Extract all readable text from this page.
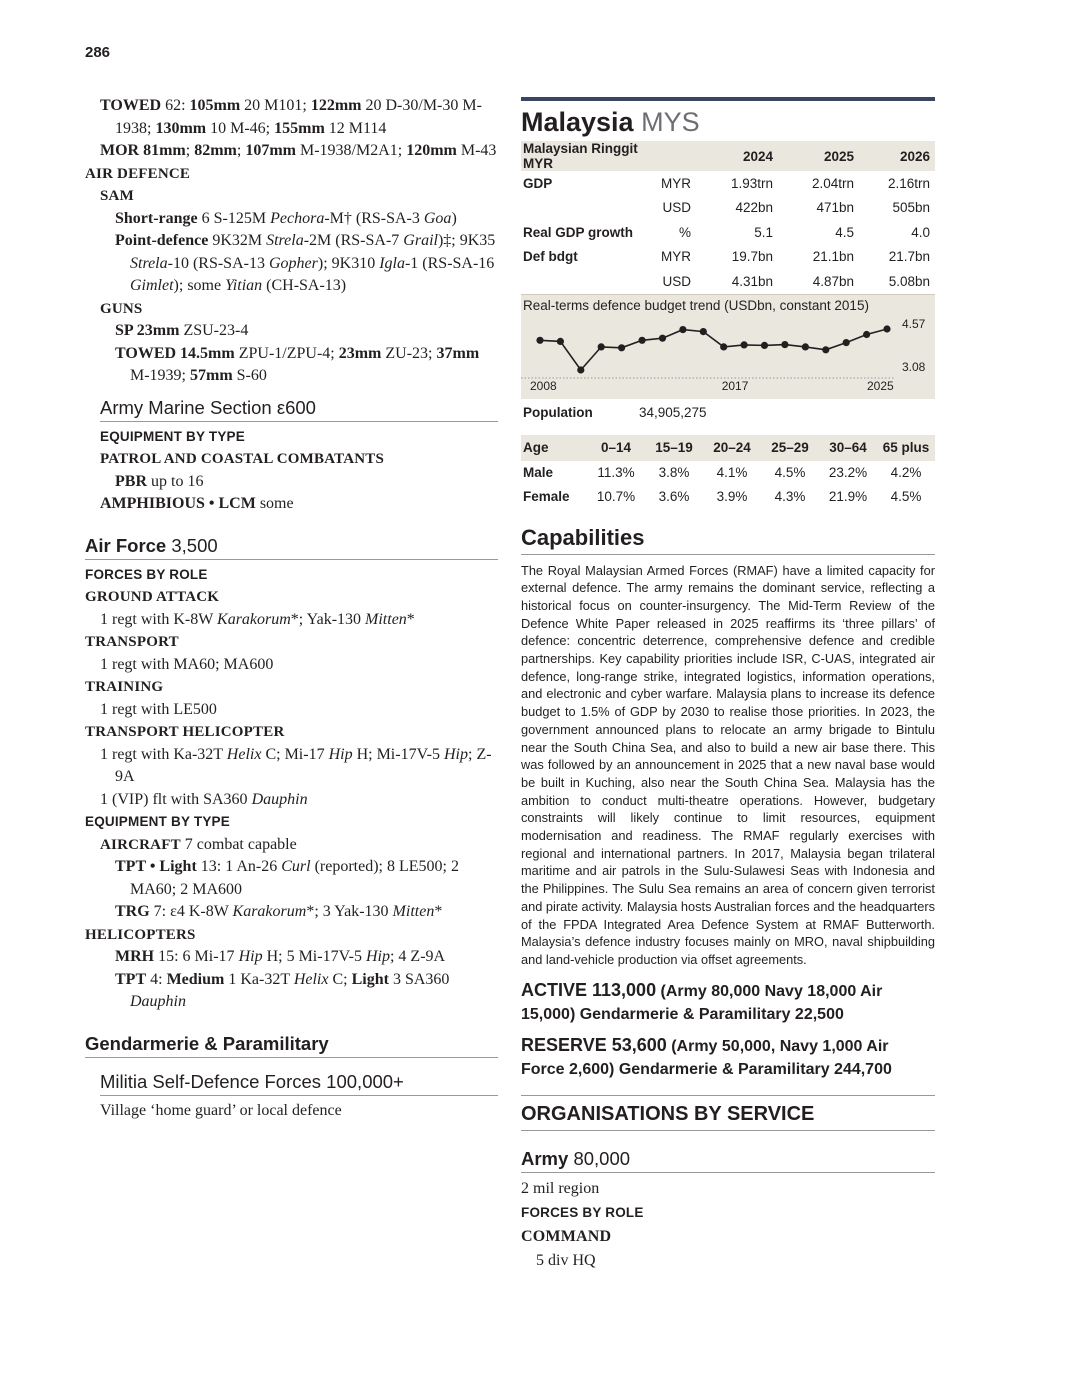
286
TOWED 62: 105mm 20 M101; 122mm 20 D-30/M-30 M-1938; 130mm 10 M-46; 155mm 12 M114
MOR 81mm; 82mm; 107mm M-1938/M2A1; 120mm M-43
AIR DEFENCE
SAM
Short-range 6 S-125M Pechora-M† (RS-SA-3 Goa)
Point-defence 9K32M Strela-2M (RS-SA-7 Grail)‡; 9K35 Strela-10 (RS-SA-13 Gopher); 9K310 Igla-1 (RS-SA-16 Gimlet); some Yitian (CH-SA-13)
GUNS
SP 23mm ZSU-23-4
TOWED 14.5mm ZPU-1/ZPU-4; 23mm ZU-23; 37mm M-1939; 57mm S-60
Army Marine Section ε600
EQUIPMENT BY TYPE
PATROL AND COASTAL COMBATANTS
PBR up to 16
AMPHIBIOUS • LCM some
Air Force 3,500
FORCES BY ROLE
GROUND ATTACK
1 regt with K-8W Karakorum*; Yak-130 Mitten*
TRANSPORT
1 regt with MA60; MA600
TRAINING
1 regt with LE500
TRANSPORT HELICOPTER
1 regt with Ka-32T Helix C; Mi-17 Hip H; Mi-17V-5 Hip; Z-9A
1 (VIP) flt with SA360 Dauphin
EQUIPMENT BY TYPE
AIRCRAFT 7 combat capable
TPT • Light 13: 1 An-26 Curl (reported); 8 LE500; 2 MA60; 2 MA600
TRG 7: ε4 K-8W Karakorum*; 3 Yak-130 Mitten*
HELICOPTERS
MRH 15: 6 Mi-17 Hip H; 5 Mi-17V-5 Hip; 4 Z-9A
TPT 4: Medium 1 Ka-32T Helix C; Light 3 SA360 Dauphin
Gendarmerie & Paramilitary
Militia Self-Defence Forces 100,000+
Village ‘home guard’ or local defence
Malaysia MYS
Malaysian Ringgit MYR		2024	2025	2026
GDP	MYR	1.93trn	2.04trn	2.16trn
	USD	422bn	471bn	505bn
Real GDP growth	%	5.1	4.5	4.0
Def bdgt	MYR	19.7bn	21.1bn	21.7bn
	USD	4.31bn	4.87bn	5.08bn
Real-terms defence budget trend (USDbn, constant 2015)
4.57
3.08
2008	2017	2025
Population	34,905,275
Age	0–14	15–19	20–24	25–29	30–64	65 plus
Male	11.3%	3.8%	4.1%	4.5%	23.2%	4.2%
Female	10.7%	3.6%	3.9%	4.3%	21.9%	4.5%
Capabilities
The Royal Malaysian Armed Forces (RMAF) have a limited capacity for external defence. The army remains the dominant service, reflecting a historical focus on counter-insurgency. The Mid-Term Review of the Defence White Paper released in 2025 reaffirms its ‘three pillars’ of defence: concentric deterrence, comprehensive defence and credible partnerships. Key capability priorities include ISR, C-UAS, integrated air defence, long-range strike, integrated logistics, information operations, and electronic and cyber warfare. Malaysia plans to increase its defence budget to 1.5% of GDP by 2030 to realise those priorities. In 2023, the government announced plans to relocate an army brigade to Bintulu near the South China Sea, and also to build a new air base there. This was followed by an announcement in 2025 that a new naval base would be built in Kuching, also near the South China Sea. Malaysia has the ambition to conduct multi-theatre operations. However, budgetary constraints will likely continue to limit resources, equipment modernisation and readiness. The RMAF regularly exercises with regional and international partners. In 2017, Malaysia began trilateral maritime and air patrols in the Sulu-Sulawesi Seas with Indonesia and the Philippines. The Sulu Sea remains an area of concern given terrorist and pirate activity. Malaysia hosts Australian forces and the headquarters of the FPDA Integrated Area Defence System at RMAF Butterworth. Malaysia’s defence industry focuses mainly on MRO, naval shipbuilding and land-vehicle production via offset agreements.
ACTIVE 113,000 (Army 80,000 Navy 18,000 Air 15,000) Gendarmerie & Paramilitary 22,500
RESERVE 53,600 (Army 50,000, Navy 1,000 Air Force 2,600) Gendarmerie & Paramilitary 244,700
ORGANISATIONS BY SERVICE
Army 80,000
2 mil region
FORCES BY ROLE
COMMAND
5 div HQ
